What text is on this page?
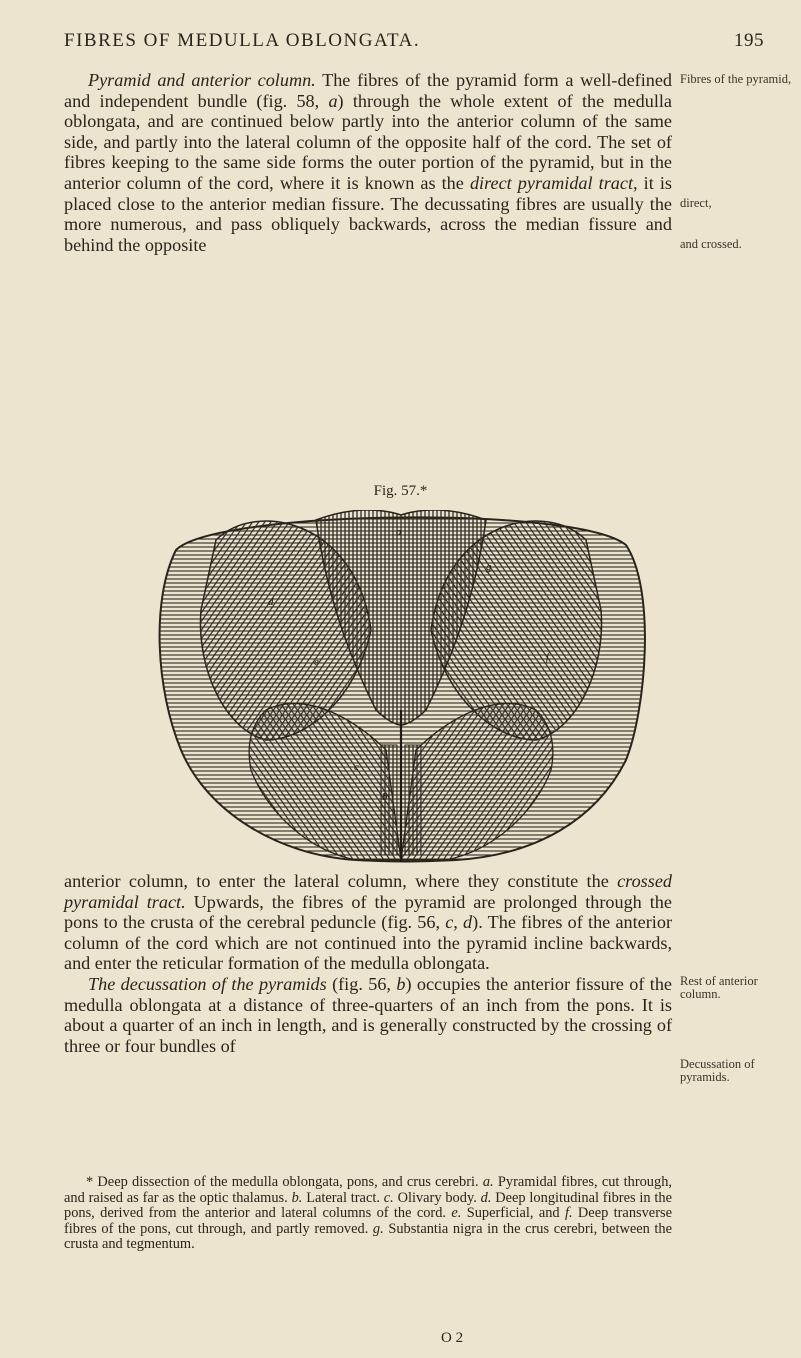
FIBRES OF MEDULLA OBLONGATA.	195

Pyramid and anterior column. The fibres of the pyramid form a well-defined and independent bundle (fig. 58, a) through the whole extent of the medulla oblongata, and are continued below partly into the anterior column of the same side, and partly into the lateral column of the opposite half of the cord. The set of fibres keeping to the same side forms the outer portion of the pyramid, but in the anterior column of the cord, where it is known as the direct pyramidal tract, it is placed close to the anterior median fissure. The decussating fibres are usually the more numerous, and pass obliquely backwards, across the median fissure and behind the opposite

Fibres of the pyramid,
direct,
and crossed.
Fig. 57.*
d
e
c
b
a
f
g

anterior column, to enter the lateral column, where they constitute the crossed pyramidal tract. Upwards, the fibres of the pyramid are prolonged through the pons to the crusta of the cerebral peduncle (fig. 56, c, d). The fibres of the anterior column of the cord which are not continued into the pyramid incline backwards, and enter the reticular formation of the medulla oblongata.

The decussation of the pyramids (fig. 56, b) occupies the anterior fissure of the medulla oblongata at a distance of three-quarters of an inch from the pons. It is about a quarter of an inch in length, and is generally constructed by the crossing of three or four bundles of

Rest of anterior column.
Decussation of pyramids.

* Deep dissection of the medulla oblongata, pons, and crus cerebri. a. Pyramidal fibres, cut through, and raised as far as the optic thalamus. b. Lateral tract. c. Olivary body. d. Deep longitudinal fibres in the pons, derived from the anterior and lateral columns of the cord. e. Superficial, and f. Deep transverse fibres of the pons, cut through, and partly removed. g. Substantia nigra in the crus cerebri, between the crusta and tegmentum.

O 2
